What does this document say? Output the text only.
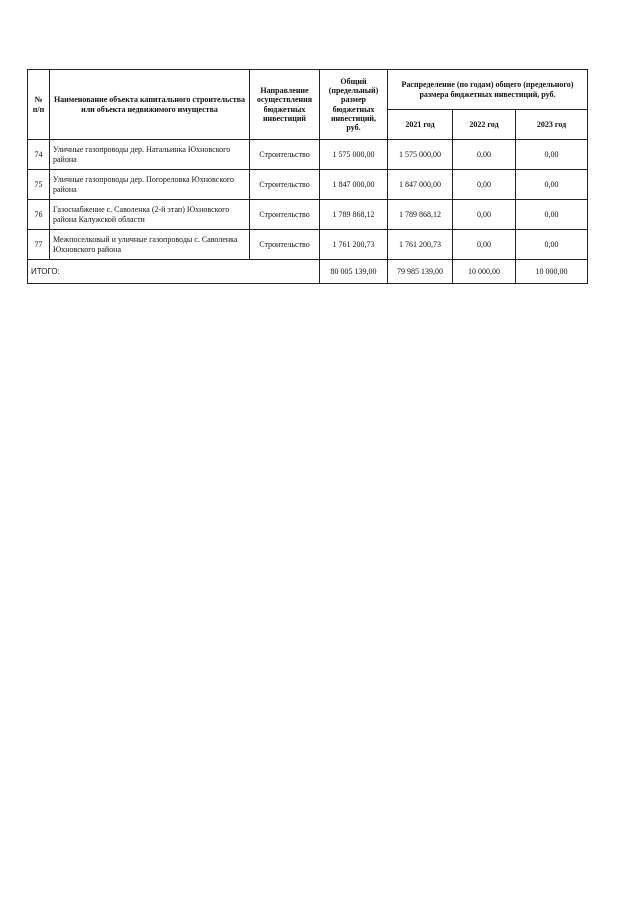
№ п/п	Наименование объекта капитального строительства или объекта недвижимого имущества	Направление осуществления бюджетных инвестиций	Общий (предельный) размер бюджетных инвестиций, руб.	Распределение (по годам) общего (предельного) размера бюджетных инвестиций, руб.		
				2021 год	2022 год	2023 год
74	Уличные газопроводы дер. Натальинка Юхновского района	Строительство	1 575 000,00	1 575 000,00	0,00	0,00
75	Уличные газопроводы дер. Погореловка Юхновского района	Строительство	1 847 000,00	1 847 000,00	0,00	0,00
76	Газоснабжение с. Саволенка (2-й этап) Юхновского района Калужской области	Строительство	1 789 868,12	1 789 868,12	0,00	0,00
77	Межпоселковый и уличные газопроводы с. Саволенка Юхновского района	Строительство	1 761 200,73	1 761 200,73	0,00	0,00
ИТОГО:			80 005 139,00	79 985 139,00	10 000,00	10 000,00
